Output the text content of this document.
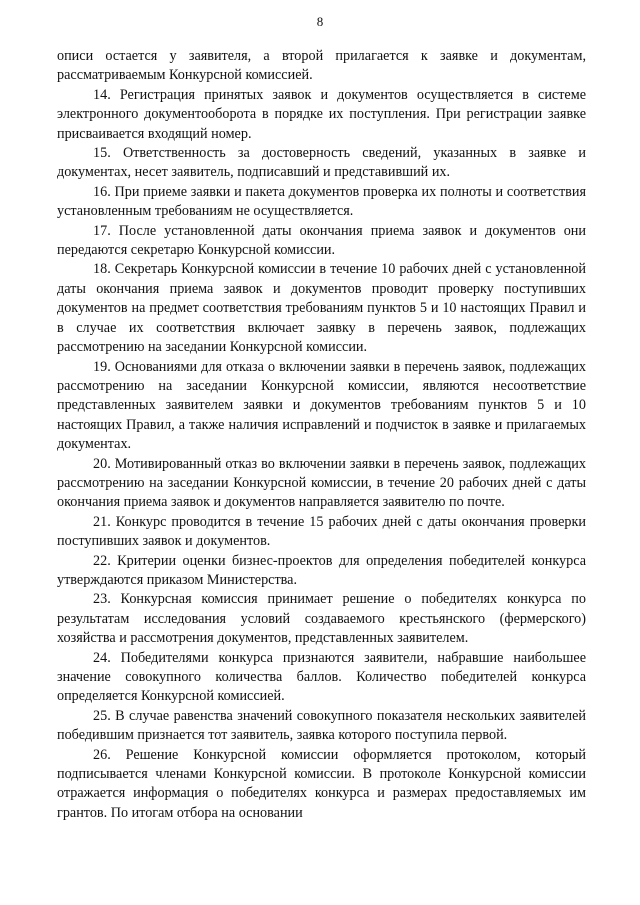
8

описи остается у заявителя, а второй прилагается к заявке и документам, рассматриваемым Конкурсной комиссией.

14. Регистрация принятых заявок и документов осуществляется в системе электронного документооборота в порядке их поступления. При регистрации заявке присваивается входящий номер.

15. Ответственность за достоверность сведений, указанных в заявке и документах, несет заявитель, подписавший и представивший их.

16. При приеме заявки и пакета документов проверка их полноты и соответствия установленным требованиям не осуществляется.

17. После установленной даты окончания приема заявок и документов они передаются секретарю Конкурсной комиссии.

18. Секретарь Конкурсной комиссии в течение 10 рабочих дней с установленной даты окончания приема заявок и документов проводит проверку поступивших документов на предмет соответствия требованиям пунктов 5 и 10 настоящих Правил и в случае их соответствия включает заявку в перечень заявок, подлежащих рассмотрению на заседании Конкурсной комиссии.

19. Основаниями для отказа о включении заявки в перечень заявок, подлежащих рассмотрению на заседании Конкурсной комиссии, являются несоответствие представленных заявителем заявки и документов требованиям пунктов 5 и 10 настоящих Правил, а также наличия исправлений и подчисток в заявке и прилагаемых документах.

20. Мотивированный отказ во включении заявки в перечень заявок, подлежащих рассмотрению на заседании Конкурсной комиссии, в течение 20 рабочих дней с даты окончания приема заявок и документов направляется заявителю по почте.

21. Конкурс проводится в течение 15 рабочих дней с даты окончания проверки поступивших заявок и документов.

22. Критерии оценки бизнес-проектов для определения победителей конкурса утверждаются приказом Министерства.

23. Конкурсная комиссия принимает решение о победителях конкурса по результатам исследования условий создаваемого крестьянского (фермерского) хозяйства и рассмотрения документов, представленных заявителем.

24. Победителями конкурса признаются заявители, набравшие наибольшее значение совокупного количества баллов. Количество победителей конкурса определяется Конкурсной комиссией.

25. В случае равенства значений совокупного показателя нескольких заявителей победившим признается тот заявитель, заявка которого поступила первой.

26. Решение Конкурсной комиссии оформляется протоколом, который подписывается членами Конкурсной комиссии. В протоколе Конкурсной комиссии отражается информация о победителях конкурса и размерах предоставляемых им грантов. По итогам отбора на основании
